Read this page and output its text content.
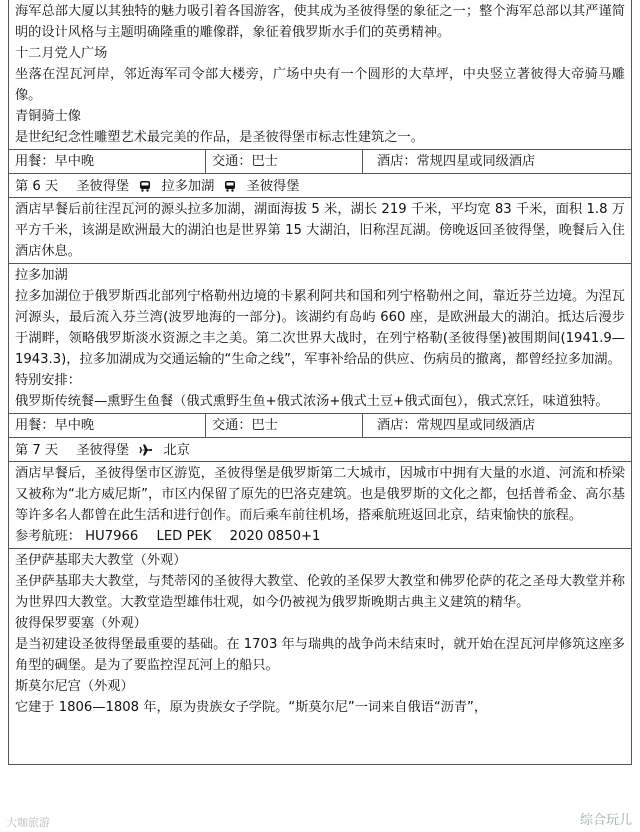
海军总部大厦以其独特的魅力吸引着各国游客，使其成为圣彼得堡的象征之一；整个海军总部以其严谨简明的设计风格与主题明确隆重的雕像群，象征着俄罗斯水手们的英勇精神。

十二月党人广场

坐落在涅瓦河岸，邻近海军司令部大楼旁，广场中央有一个圆形的大草坪，中央竖立著彼得大帝骑马雕像。

青铜骑士像

是世纪纪念性雕塑艺术最完美的作品，是圣彼得堡市标志性建筑之一。

用餐：早中晚	交通：巴士	酒店：常规四星或同级酒店
第 6 天 圣彼得堡 拉多加湖 圣彼得堡

酒店早餐后前往涅瓦河的源头拉多加湖，湖面海拔 5 米，湖长 219 千米，平均宽 83 千米，面积 1.8 万平方千米，该湖是欧洲最大的湖泊也是世界第 15 大湖泊，旧称涅瓦湖。傍晚返回圣彼得堡，晚餐后入住酒店休息。

拉多加湖

拉多加湖位于俄罗斯西北部列宁格勒州边境的卡累利阿共和国和列宁格勒州之间，靠近芬兰边境。为涅瓦河源头，最后流入芬兰湾(波罗地海的一部分)。该湖约有岛屿 660 座，是欧洲最大的湖泊。抵达后漫步于湖畔，领略俄罗斯淡水资源之丰之美。第二次世界大战时，在列宁格勒(圣彼得堡)被围期间(1941.9—1943.3)，拉多加湖成为交通运输的“生命之线”，军事补给品的供应、伤病员的撤离，都曾经拉多加湖。

特别安排：

俄罗斯传统餐—熏野生鱼餐（俄式熏野生鱼+俄式浓汤+俄式土豆+俄式面包），俄式烹饪，味道独特。

用餐：早中晚	交通：巴士	酒店：常规四星或同级酒店
第 7 天 圣彼得堡	北京

酒店早餐后，圣彼得堡市区游览，圣彼得堡是俄罗斯第二大城市，因城市中拥有大量的水道、河流和桥梁又被称为“北方威尼斯”，市区内保留了原先的巴洛克建筑。也是俄罗斯的文化之都，包括普希金、高尔基等许多名人都曾在此生活和进行创作。而后乘车前往机场，搭乘航班返回北京，结束愉快的旅程。

参考航班： HU7966 LED PEK 2020 0850+1

圣伊萨基耶夫大教堂（外观）

圣伊萨基耶夫大教堂，与梵蒂冈的圣彼得大教堂、伦敦的圣保罗大教堂和佛罗伦萨的花之圣母大教堂并称为世界四大教堂。大教堂造型雄伟壮观，如今仍被视为俄罗斯晚期古典主义建筑的精华。

彼得保罗要塞（外观）

是当初建设圣彼得堡最重要的基础。在 1703 年与瑞典的战争尚未结束时，就开始在涅瓦河岸修筑这座多角型的碉堡。是为了要监控涅瓦河上的船只。

斯莫尔尼宫（外观）

它建于 1806—1808 年，原为贵族女子学院。“斯莫尔尼”一词来自俄语“沥青”，

大咖旅游	综合玩儿
